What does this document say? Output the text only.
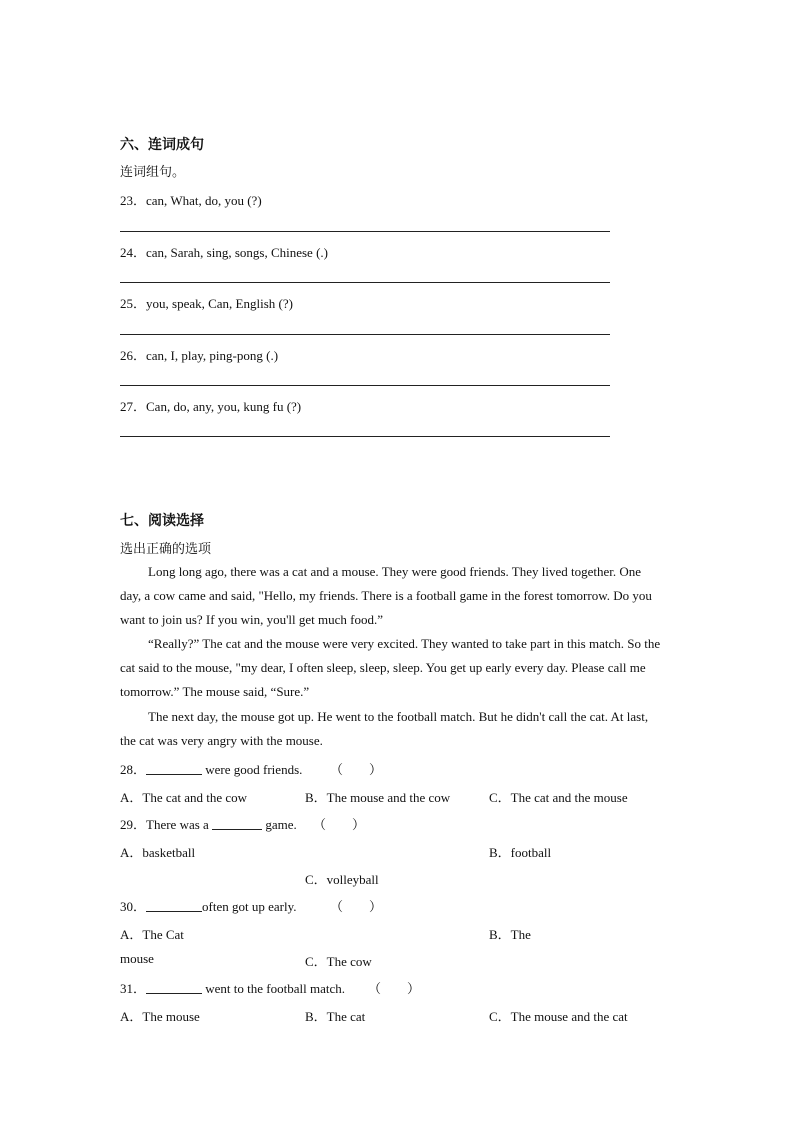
六、连词成句
连词组句。
23．can, What, do, you (?)
24．can, Sarah, sing, songs, Chinese (.)
25．you, speak, Can, English (?)
26．can, I, play, ping-pong (.)
27．Can, do, any, you, kung fu (?)
七、阅读选择
选出正确的选项
Long long ago, there was a cat and a mouse. They were good friends. They lived together. One day, a cow came and said, "Hello, my friends. There is a football game in the forest tomorrow. Do you want to join us? If you win, you'll get much food.”
“Really?” The cat and the mouse were very excited. They wanted to take part in this match. So the cat said to the mouse, "my dear, I often sleep, sleep, sleep. You get up early every day. Please call me tomorrow.” The mouse said, “Sure.”
The next day, the mouse got up. He went to the football match. But he didn't call the cat. At last, the cat was very angry with the mouse.
28．	were good friends. （　　）
A．The cat and the cow	B．The mouse and the cow	C．The cat and the mouse
29．There was a	game. （　　）
A．basketball	B．football
C．volleyball
30．	often got up early.	（　　）
A．The Cat	B．The
mouse	C．The cow
31．	went to the football match. （　　）
A．The mouse	B．The cat	C．The mouse and the cat
